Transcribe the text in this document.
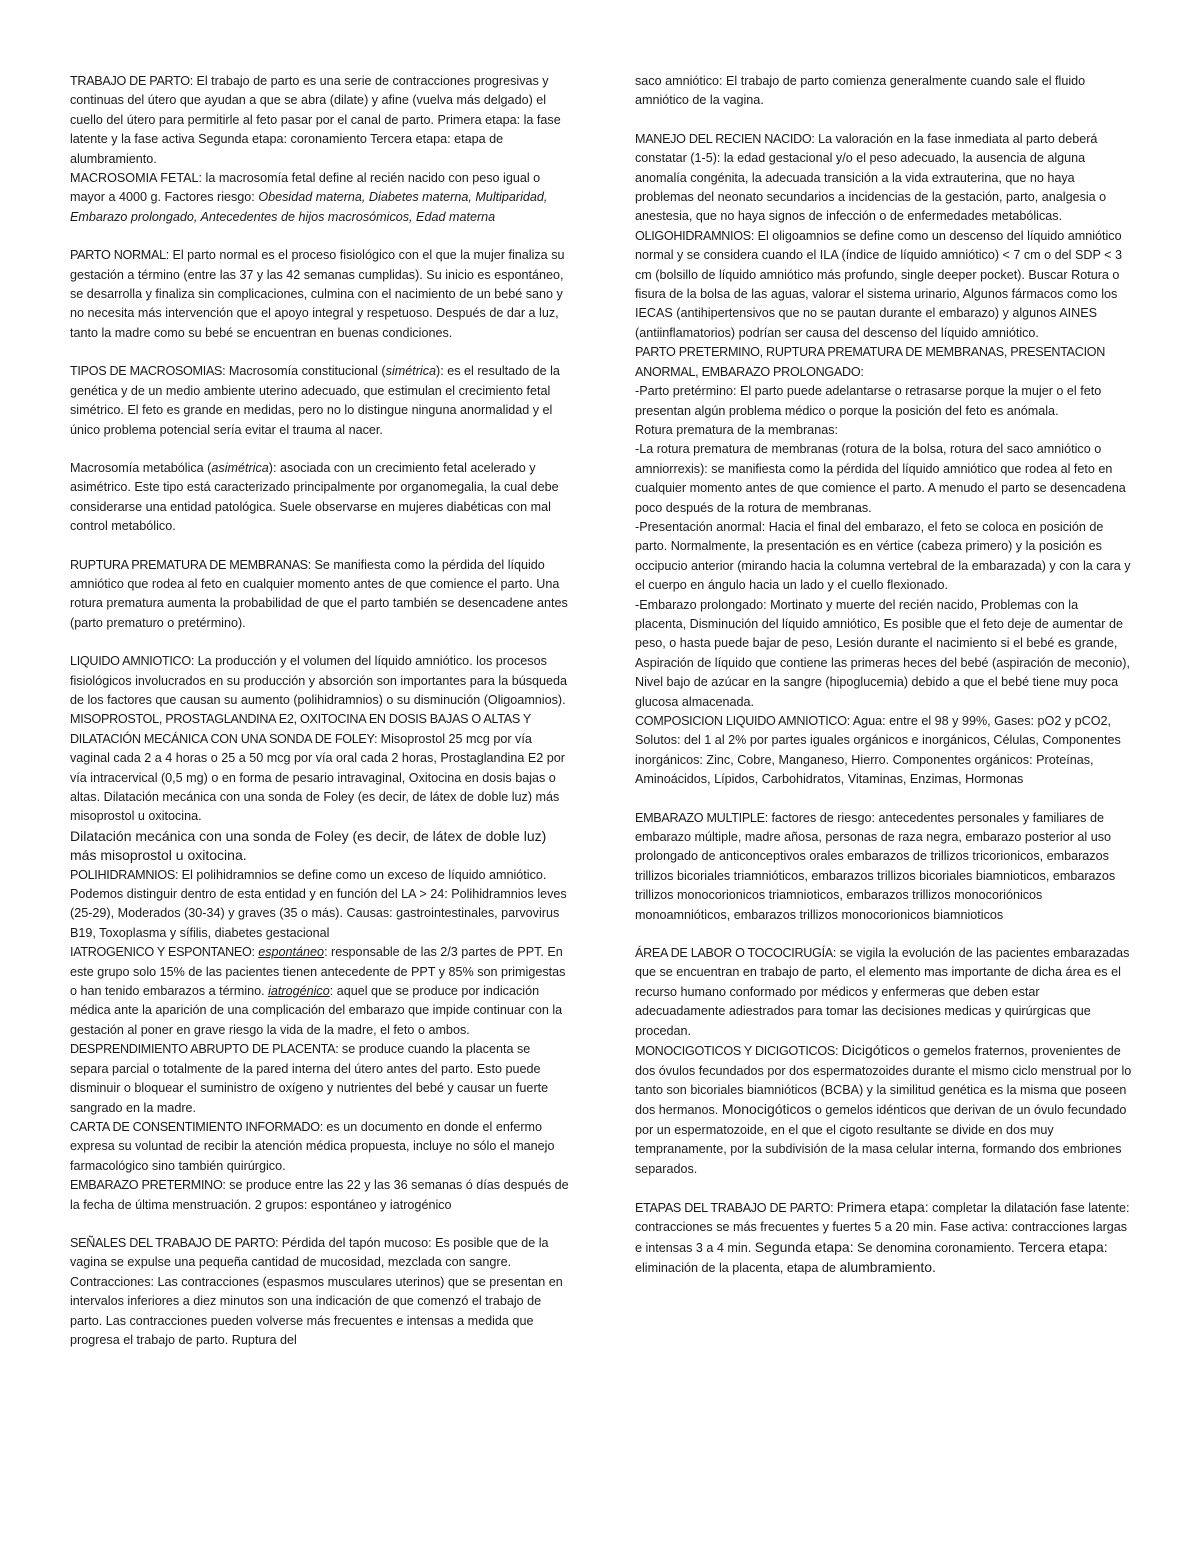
TRABAJO DE PARTO: El trabajo de parto es una serie de contracciones progresivas y continuas del útero que ayudan a que se abra (dilate) y afine (vuelva más delgado) el cuello del útero para permitirle al feto pasar por el canal de parto. Primera etapa: la fase latente y la fase activa Segunda etapa: coronamiento Tercera etapa: etapa de alumbramiento.

MACROSOMIA FETAL: la macrosomía fetal define al recién nacido con peso igual o mayor a 4000 g. Factores riesgo: Obesidad materna, Diabetes materna, Multiparidad, Embarazo prolongado, Antecedentes de hijos macrosómicos, Edad materna

PARTO NORMAL: El parto normal es el proceso fisiológico con el que la mujer finaliza su gestación a término (entre las 37 y las 42 semanas cumplidas). Su inicio es espontáneo, se desarrolla y finaliza sin complicaciones, culmina con el nacimiento de un bebé sano y no necesita más intervención que el apoyo integral y respetuoso. Después de dar a luz, tanto la madre como su bebé se encuentran en buenas condiciones.

TIPOS DE MACROSOMIAS: Macrosomía constitucional (simétrica): es el resultado de la genética y de un medio ambiente uterino adecuado, que estimulan el crecimiento fetal simétrico. El feto es grande en medidas, pero no lo distingue ninguna anormalidad y el único problema potencial sería evitar el trauma al nacer.

Macrosomía metabólica (asimétrica): asociada con un crecimiento fetal acelerado y asimétrico. Este tipo está caracterizado principalmente por organomegalia, la cual debe considerarse una entidad patológica. Suele observarse en mujeres diabéticas con mal control metabólico.

RUPTURA PREMATURA DE MEMBRANAS: Se manifiesta como la pérdida del líquido amniótico que rodea al feto en cualquier momento antes de que comience el parto. Una rotura prematura aumenta la probabilidad de que el parto también se desencadene antes (parto prematuro o pretérmino).

LIQUIDO AMNIOTICO: La producción y el volumen del líquido amniótico. los procesos fisiológicos involucrados en su producción y absorción son importantes para la búsqueda de los factores que causan su aumento (polihidramnios) o su disminución (Oligoamnios).

MISOPROSTOL, PROSTAGLANDINA E2, OXITOCINA EN DOSIS BAJAS O ALTAS Y DILATACIÓN MECÁNICA CON UNA SONDA DE FOLEY: Misoprostol 25 mcg por vía vaginal cada 2 a 4 horas o 25 a 50 mcg por vía oral cada 2 horas, Prostaglandina E2 por vía intracervical (0,5 mg) o en forma de pesario intravaginal, Oxitocina en dosis bajas o altas. Dilatación mecánica con una sonda de Foley (es decir, de látex de doble luz) más misoprostol u oxitocina.

Dilatación mecánica con una sonda de Foley (es decir, de látex de doble luz) más misoprostol u oxitocina.

POLIHIDRAMNIOS: El polihidramnios se define como un exceso de líquido amniótico. Podemos distinguir dentro de esta entidad y en función del LA > 24: Polihidramnios leves (25-29), Moderados (30-34) y graves (35 o más). Causas: gastrointestinales, parvovirus B19, Toxoplasma y sífilis, diabetes gestacional

IATROGENICO Y ESPONTANEO: espontáneo: responsable de las 2/3 partes de PPT. En este grupo solo 15% de las pacientes tienen antecedente de PPT y 85% son primigestas o han tenido embarazos a término. iatrogénico: aquel que se produce por indicación médica ante la aparición de una complicación del embarazo que impide continuar con la gestación al poner en grave riesgo la vida de la madre, el feto o ambos.

DESPRENDIMIENTO ABRUPTO DE PLACENTA: se produce cuando la placenta se separa parcial o totalmente de la pared interna del útero antes del parto. Esto puede disminuir o bloquear el suministro de oxígeno y nutrientes del bebé y causar un fuerte sangrado en la madre.

CARTA DE CONSENTIMIENTO INFORMADO: es un documento en donde el enfermo expresa su voluntad de recibir la atención médica propuesta, incluye no sólo el manejo farmacológico sino también quirúrgico.

EMBARAZO PRETERMINO: se produce entre las 22 y las 36 semanas ó días después de la fecha de última menstruación. 2 grupos: espontáneo y iatrogénico

SEÑALES DEL TRABAJO DE PARTO: Pérdida del tapón mucoso: Es posible que de la vagina se expulse una pequeña cantidad de mucosidad, mezclada con sangre. Contracciones: Las contracciones (espasmos musculares uterinos) que se presentan en intervalos inferiores a diez minutos son una indicación de que comenzó el trabajo de parto. Las contracciones pueden volverse más frecuentes e intensas a medida que progresa el trabajo de parto. Ruptura del

saco amniótico: El trabajo de parto comienza generalmente cuando sale el fluido amniótico de la vagina.

MANEJO DEL RECIEN NACIDO: La valoración en la fase inmediata al parto deberá constatar (1-5): la edad gestacional y/o el peso adecuado, la ausencia de alguna anomalía congénita, la adecuada transición a la vida extrauterina, que no haya problemas del neonato secundarios a incidencias de la gestación, parto, analgesia o anestesia, que no haya signos de infección o de enfermedades metabólicas.

OLIGOHIDRAMNIOS: El oligoamnios se define como un descenso del líquido amniótico normal y se considera cuando el ILA (índice de líquido amniótico) < 7 cm o del SDP < 3 cm (bolsillo de líquido amniótico más profundo, single deeper pocket). Buscar Rotura o fisura de la bolsa de las aguas, valorar el sistema urinario, Algunos fármacos como los IECAS (antihipertensivos que no se pautan durante el embarazo) y algunos AINES (antiinflamatorios) podrían ser causa del descenso del líquido amniótico.

PARTO PRETERMINO, RUPTURA PREMATURA DE MEMBRANAS, PRESENTACION ANORMAL, EMBARAZO PROLONGADO:

-Parto pretérmino: El parto puede adelantarse o retrasarse porque la mujer o el feto presentan algún problema médico o porque la posición del feto es anómala.

Rotura prematura de la membranas:

-La rotura prematura de membranas (rotura de la bolsa, rotura del saco amniótico o amniorrexis): se manifiesta como la pérdida del líquido amniótico que rodea al feto en cualquier momento antes de que comience el parto. A menudo el parto se desencadena poco después de la rotura de membranas.

-Presentación anormal: Hacia el final del embarazo, el feto se coloca en posición de parto. Normalmente, la presentación es en vértice (cabeza primero) y la posición es occipucio anterior (mirando hacia la columna vertebral de la embarazada) y con la cara y el cuerpo en ángulo hacia un lado y el cuello flexionado.

-Embarazo prolongado: Mortinato y muerte del recién nacido, Problemas con la placenta, Disminución del líquido amniótico, Es posible que el feto deje de aumentar de peso, o hasta puede bajar de peso, Lesión durante el nacimiento si el bebé es grande, Aspiración de líquido que contiene las primeras heces del bebé (aspiración de meconio), Nivel bajo de azúcar en la sangre (hipoglucemia) debido a que el bebé tiene muy poca glucosa almacenada.

COMPOSICION LIQUIDO AMNIOTICO: Agua: entre el 98 y 99%, Gases: pO2 y pCO2, Solutos: del 1 al 2% por partes iguales orgánicos e inorgánicos, Células, Componentes inorgánicos: Zinc, Cobre, Manganeso, Hierro. Componentes orgánicos: Proteínas, Aminoácidos, Lípidos, Carbohidratos, Vitaminas, Enzimas, Hormonas

EMBARAZO MULTIPLE: factores de riesgo: antecedentes personales y familiares de embarazo múltiple, madre añosa, personas de raza negra, embarazo posterior al uso prolongado de anticonceptivos orales embarazos de trillizos tricorionicos, embarazos trillizos bicoriales triamnióticos, embarazos trillizos bicoriales biamnioticos, embarazos trillizos monocorionicos triamnioticos, embarazos trillizos monocoriónicos monoamnióticos, embarazos trillizos monocorionicos biamnioticos

ÁREA DE LABOR O TOCOCIRUGÍA: se vigila la evolución de las pacientes embarazadas que se encuentran en trabajo de parto, el elemento mas importante de dicha área es el recurso humano conformado por médicos y enfermeras que deben estar adecuadamente adiestrados para tomar las decisiones medicas y quirúrgicas que procedan.

MONOCIGOTICOS Y DICIGOTICOS: Dicigóticos o gemelos fraternos, provenientes de dos óvulos fecundados por dos espermatozoides durante el mismo ciclo menstrual por lo tanto son bicoriales biamnióticos (BCBA) y la similitud genética es la misma que poseen dos hermanos. Monocigóticos o gemelos idénticos que derivan de un óvulo fecundado por un espermatozoide, en el que el cigoto resultante se divide en dos muy tempranamente, por la subdivisión de la masa celular interna, formando dos embriones separados.

ETAPAS DEL TRABAJO DE PARTO: Primera etapa: completar la dilatación fase latente: contracciones se más frecuentes y fuertes 5 a 20 min. Fase activa: contracciones largas e intensas 3 a 4 min. Segunda etapa: Se denomina coronamiento. Tercera etapa: eliminación de la placenta, etapa de alumbramiento.
